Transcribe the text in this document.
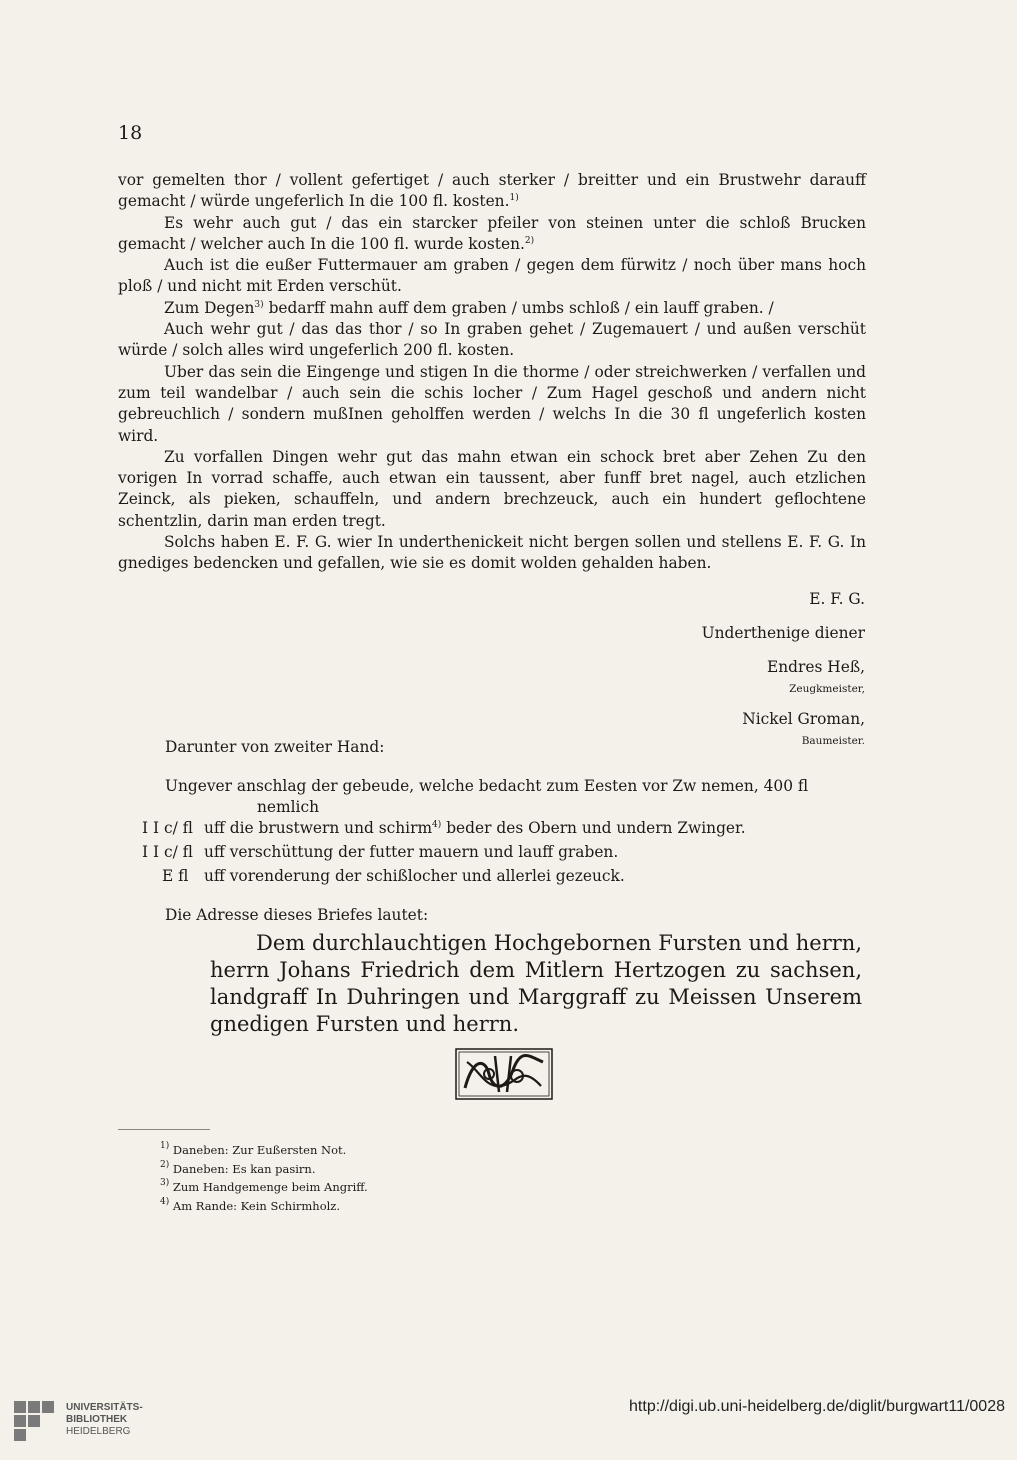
18

vor gemelten thor / vollent gefertiget / auch sterker / breitter und ein Brustwehr darauff gemacht / würde ungeferlich In die 100 fl. kosten.$^{1)}$

Es wehr auch gut / das ein starcker pfeiler von steinen unter die schloß Brucken gemacht / welcher auch In die 100 fl. wurde kosten.$^{2)}$

Auch ist die eußer Futtermauer am graben / gegen dem fürwitz / noch über mans hoch ploß / und nicht mit Erden verschüt.

Zum Degen$^{3)}$ bedarff mahn auff dem graben / umbs schloß / ein lauff graben. /

Auch wehr gut / das das thor / so In graben gehet / Zugemauert / und außen verschüt würde / solch alles wird ungeferlich 200 fl. kosten.

Uber das sein die Eingenge und stigen In die thorme / oder streichwerken / verfallen und zum teil wandelbar / auch sein die schis locher / Zum Hagel geschoß und andern nicht gebreuchlich / sondern mußInen geholffen werden / welchs In die 30 fl ungeferlich kosten wird.

Zu vorfallen Dingen wehr gut das mahn etwan ein schock bret aber Zehen Zu den vorigen In vorrad schaffe, auch etwan ein taussent, aber funff bret nagel, auch etzlichen Zeinck, als pieken, schauffeln, und andern brechzeuck, auch ein hundert geflochtene schentzlin, darin man erden tregt.

Solchs haben E. F. G. wier In underthenickeit nicht bergen sollen und stellens E. F. G. In gnediges bedencken und gefallen, wie sie es domit wolden gehalden haben.

E. F. G.
Underthenige diener
Endres Heß,
Zeugkmeister,
Nickel Groman,
Baumeister.
Darunter von zweiter Hand:
Ungever anschlag der gebeude, welche bedacht zum Eesten vor Zw nemen, 400 fl
nemlich
I I c/ fl uff die brustwern und schirm$^{4)}$ beder des Obern und undern Zwinger.
I I c/ fl uff verschüttung der futter mauern und lauff graben.
E fl	uff vorenderung der schißlocher und allerlei gezeuck.
Die Adresse dieses Briefes lautet:

Dem durchlauchtigen Hochgebornen Fursten und herrn, herrn Johans Friedrich dem Mitlern Hertzogen zu sachsen, landgraff In Duhringen und Marggraff zu Meissen Unserem gnedigen Fursten und herrn.

$^{1)}$ Daneben: Zur Eußersten Not.
$^{2)}$ Daneben: Es kan pasirn.
$^{3)}$ Zum Handgemenge beim Angriff.
$^{4)}$ Am Rande: Kein Schirmholz.
UNIVERSITÄTS-
BIBLIOTHEK
HEIDELBERG
http://digi.ub.uni-heidelberg.de/diglit/burgwart11/0028
